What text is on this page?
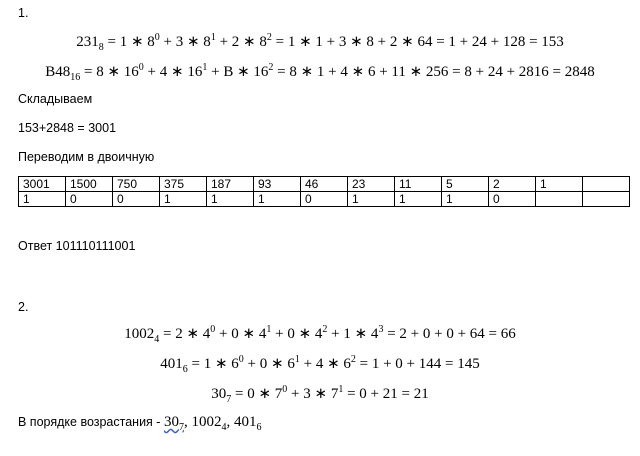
1.
$231_8 = 1$ ∗ $8^0 + 3$ ∗ $8^1 + 2$ ∗ $8^2 = 1$ ∗ 1 + 3 ∗ 8 + 2 ∗ 64 = 1 + 24 + 128 = 153
$B48_{16} = 8$ ∗ $16^0 + 4$ ∗ $16^1 + B$ ∗ $16^2 = 8$ ∗ 1 + 4 ∗ 6 + 11 ∗ 256 = 8 + 24 + 2816 = 2848
Складываем
153+2848 = 3001
Переводим в двоичную
3001	1500	750	375	187	93	46	23	11	5	2	1	
1	0	0	1	1	1	0	1	1	1	0		
Ответ 101110111001
2.
$1002_4 = 2$ ∗ $4^0 + 0$ ∗ $4^1 + 0$ ∗ $4^2 + 1$ ∗ $4^3 = 2 + 0 + 0 + 64 = 66$
$401_6 = 1$ ∗ $6^0 + 0$ ∗ $6^1 + 4$ ∗ $6^2 = 1 + 0 + 144 = 145$
$30_7 = 0$ ∗ $7^0 + 3$ ∗ $7^1 = 0 + 21 = 21$
В порядке возрастания - $30_7$, $1002_4$, $401_6$
